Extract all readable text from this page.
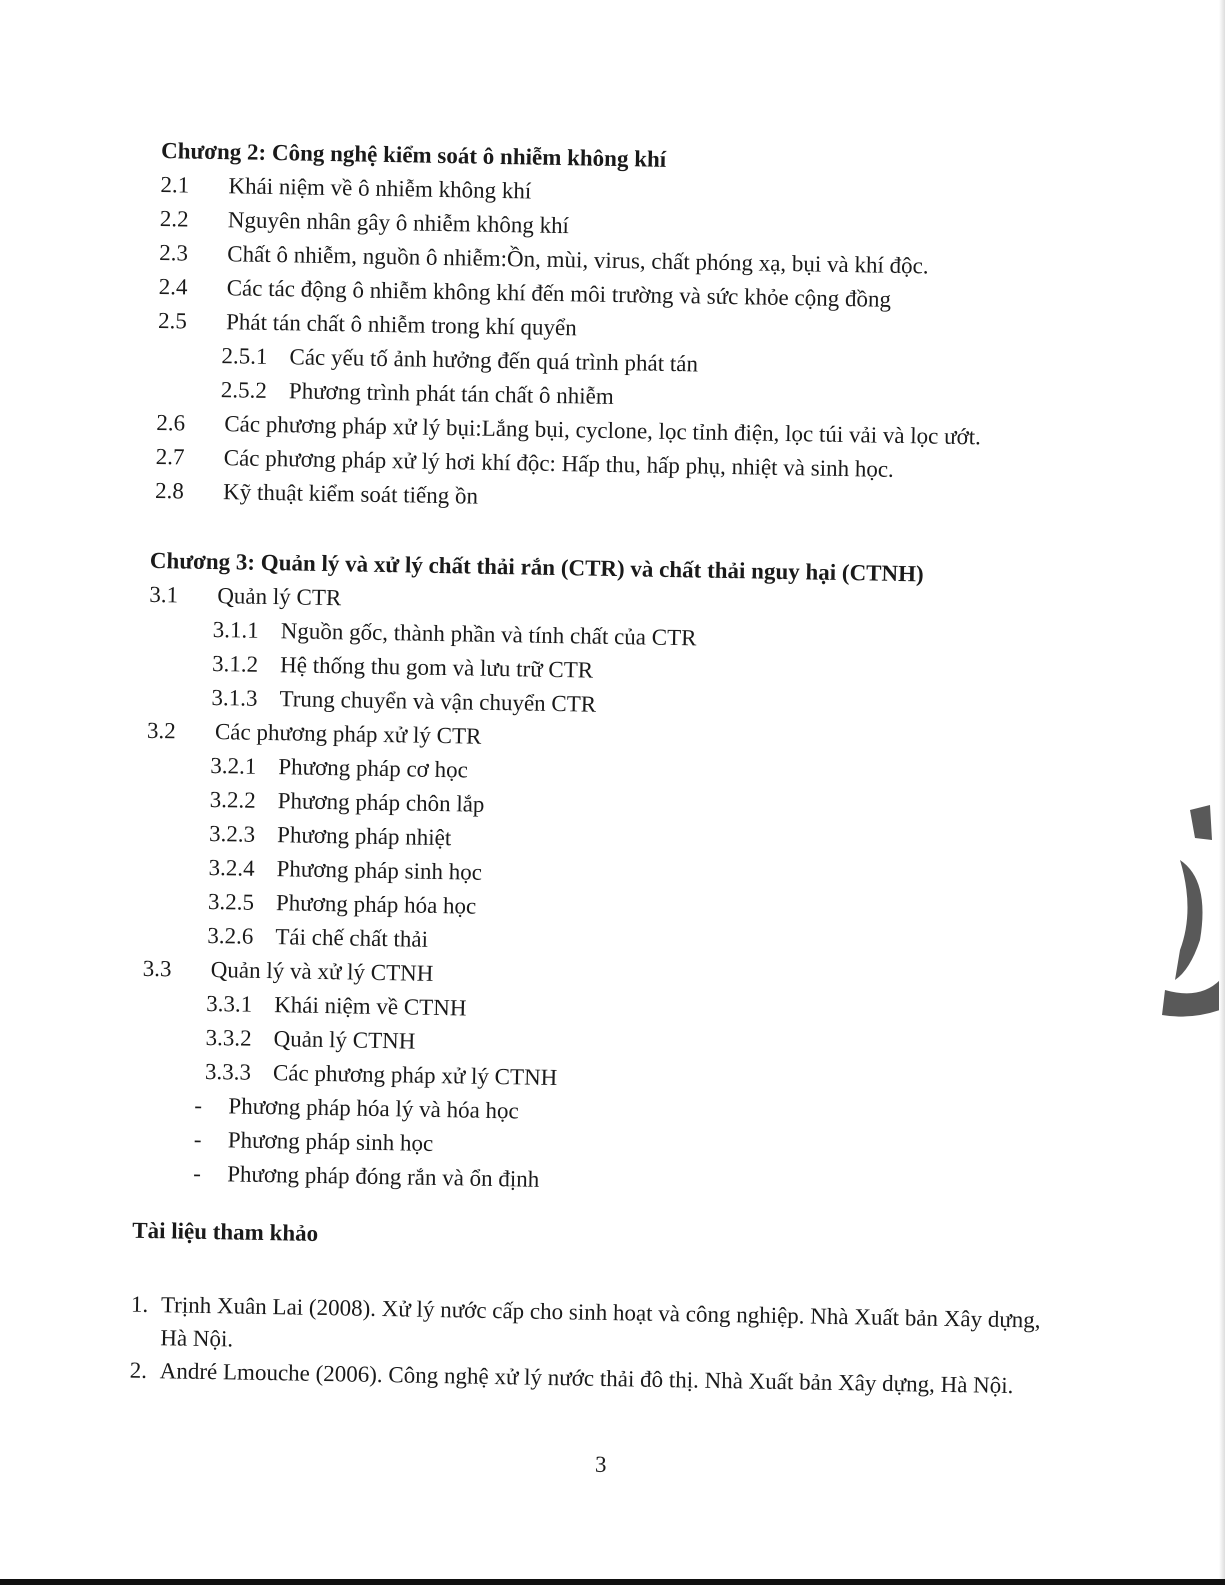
Chương 2: Công nghệ kiểm soát ô nhiễm không khí
2.1	Khái niệm về ô nhiễm không khí
2.2	Nguyên nhân gây ô nhiễm không khí
2.3	Chất ô nhiễm, nguồn ô nhiễm:Ồn, mùi, virus, chất phóng xạ, bụi và khí độc.
2.4	Các tác động ô nhiễm không khí đến môi trường và sức khỏe cộng đồng
2.5	Phát tán chất ô nhiễm trong khí quyển
2.5.1 Các yếu tố ảnh hưởng đến quá trình phát tán
2.5.2 Phương trình phát tán chất ô nhiễm
2.6	Các phương pháp xử lý bụi:Lắng bụi, cyclone, lọc tỉnh điện, lọc túi vải và lọc ướt.
2.7	Các phương pháp xử lý hơi khí độc: Hấp thu, hấp phụ, nhiệt và sinh học.
2.8	Kỹ thuật kiểm soát tiếng ồn
Chương 3: Quản lý và xử lý chất thải rắn (CTR) và chất thải nguy hại (CTNH)
3.1	Quản lý CTR
3.1.1 Nguồn gốc, thành phần và tính chất của CTR
3.1.2 Hệ thống thu gom và lưu trữ CTR
3.1.3 Trung chuyển và vận chuyển CTR
3.2	Các phương pháp xử lý CTR
3.2.1 Phương pháp cơ học
3.2.2 Phương pháp chôn lắp
3.2.3 Phương pháp nhiệt
3.2.4 Phương pháp sinh học
3.2.5 Phương pháp hóa học
3.2.6 Tái chế chất thải
3.3	Quản lý và xử lý CTNH
3.3.1 Khái niệm về CTNH
3.3.2 Quản lý CTNH
3.3.3 Các phương pháp xử lý CTNH
-	Phương pháp hóa lý và hóa học
-	Phương pháp sinh học
-	Phương pháp đóng rắn và ổn định
Tài liệu tham khảo
1. Trịnh Xuân Lai (2008). Xử lý nước cấp cho sinh hoạt và công nghiệp. Nhà Xuất bản Xây dựng, Hà Nội.
2. André Lmouche (2006). Công nghệ xử lý nước thải đô thị. Nhà Xuất bản Xây dựng, Hà Nội.
3
